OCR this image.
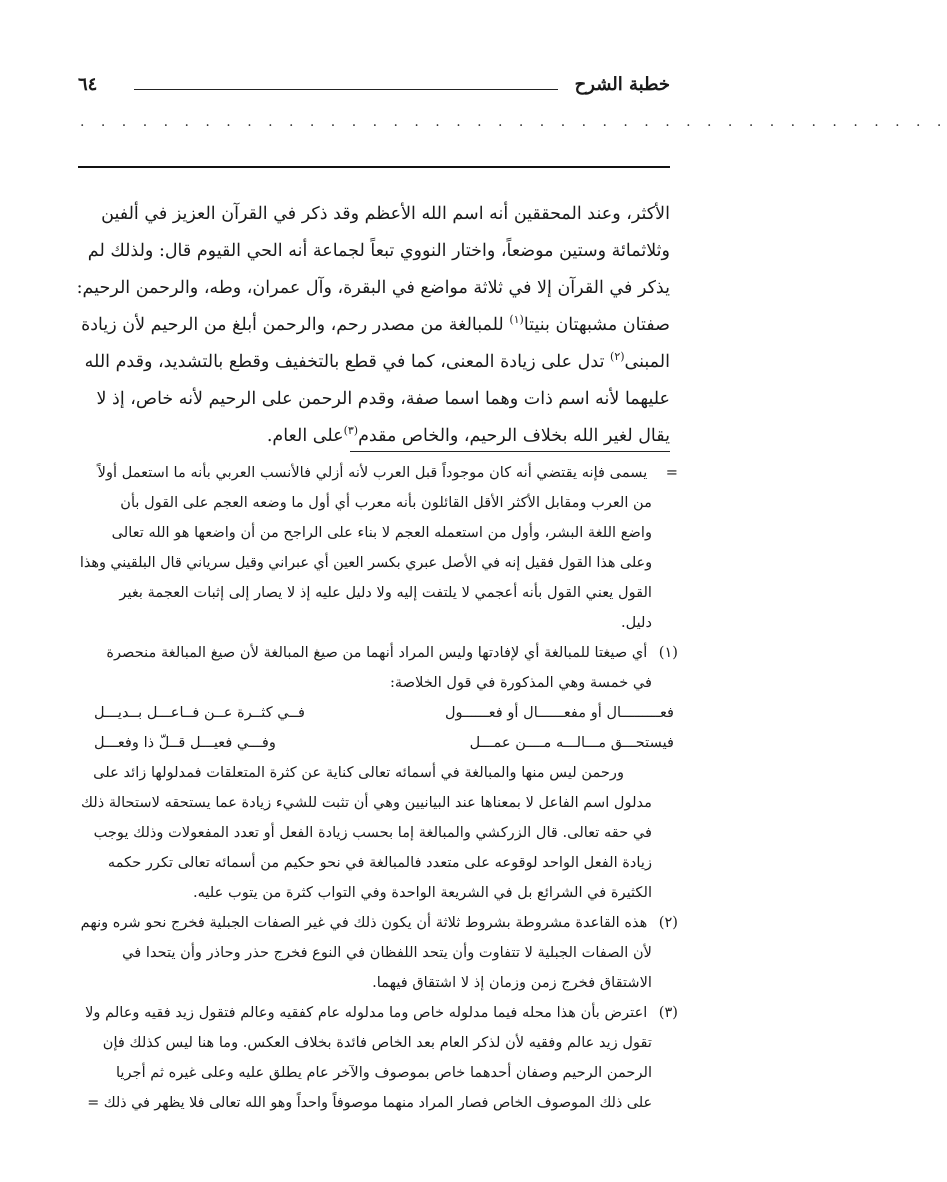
خطبة الشرح
٦٤
. . . . . . . . . . . . . . . . . . . . . . . . . . . . . . . . . . . . . . . . . .

الأكثر، وعند المحققين أنه اسم الله الأعظم وقد ذكر في القرآن العزيز في ألفين

وثلاثمائة وستين موضعاً، واختار النووي تبعاً لجماعة أنه الحي القيوم قال: ولذلك لم

يذكر في القرآن إلا في ثلاثة مواضع في البقرة، وآل عمران، وطه، والرحمن الرحيم:

صفتان مشبهتان بنيتا$^{(١)}$ للمبالغة من مصدر رحم، والرحمن أبلغ من الرحيم لأن زيادة

المبنى$^{(٢)}$ تدل على زيادة المعنى، كما في قطع بالتخفيف وقطع بالتشديد، وقدم الله

عليهما لأنه اسم ذات وهما اسما صفة، وقدم الرحمن على الرحيم لأنه خاص، إذ لا

يقال لغير الله بخلاف الرحيم، والخاص مقدم$^{(٣)}$على العام.

= يسمى فإنه يقتضي أنه كان موجوداً قبل العرب لأنه أزلي فالأنسب العربي بأنه ما استعمل أولاً
من العرب ومقابل الأكثر الأقل القائلون بأنه معرب أي أول ما وضعه العجم على القول بأن
واضع اللغة البشر، وأول من استعمله العجم لا بناء على الراجح من أن واضعها هو الله تعالى
وعلى هذا القول فقيل إنه في الأصل عبري بكسر العين أي عبراني وقيل سرياني قال البلقيني وهذا
القول يعني القول بأنه أعجمي لا يلتفت إليه ولا دليل عليه إذ لا يصار إلى إثبات العجمة بغير
دليل.
(١) أي صيغتا للمبالغة أي لإفادتها وليس المراد أنهما من صيغ المبالغة لأن صيغ المبالغة منحصرة
في خمسة وهي المذكورة في قول الخلاصة:
فعـــــــــال أو مفعــــــال أو فعــــــول
فــي كثــرة عــن فــاعـــل بــديـــل
فيستحـــق مـــالـــه مــــن عمـــل
وفـــي فعيـــل قــلّ ذا وفعـــل
ورحمن ليس منها والمبالغة في أسمائه تعالى كناية عن كثرة المتعلقات فمدلولها زائد على
مدلول اسم الفاعل لا بمعناها عند البيانيين وهي أن تثبت للشيء زيادة عما يستحقه لاستحالة ذلك
في حقه تعالى. قال الزركشي والمبالغة إما بحسب زيادة الفعل أو تعدد المفعولات وذلك يوجب
زيادة الفعل الواحد لوقوعه على متعدد فالمبالغة في نحو حكيم من أسمائه تعالى تكرر حكمه
الكثيرة في الشرائع بل في الشريعة الواحدة وفي التواب كثرة من يتوب عليه.
(٢) هذه القاعدة مشروطة بشروط ثلاثة أن يكون ذلك في غير الصفات الجبلية فخرج نحو شره ونهم
لأن الصفات الجبلية لا تتفاوت وأن يتحد اللفظان في النوع فخرج حذر وحاذر وأن يتحدا في
الاشتقاق فخرج زمن وزمان إذ لا اشتقاق فيهما.
(٣) اعترض بأن هذا محله فيما مدلوله خاص وما مدلوله عام كفقيه وعالم فتقول زيد فقيه وعالم ولا
تقول زيد عالم وفقيه لأن لذكر العام بعد الخاص فائدة بخلاف العكس. وما هنا ليس كذلك فإن
الرحمن الرحيم وصفان أحدهما خاص بموصوف والآخر عام يطلق عليه وعلى غيره ثم أجريا
على ذلك الموصوف الخاص فصار المراد منهما موصوفاً واحداً وهو الله تعالى فلا يظهر في ذلك =
